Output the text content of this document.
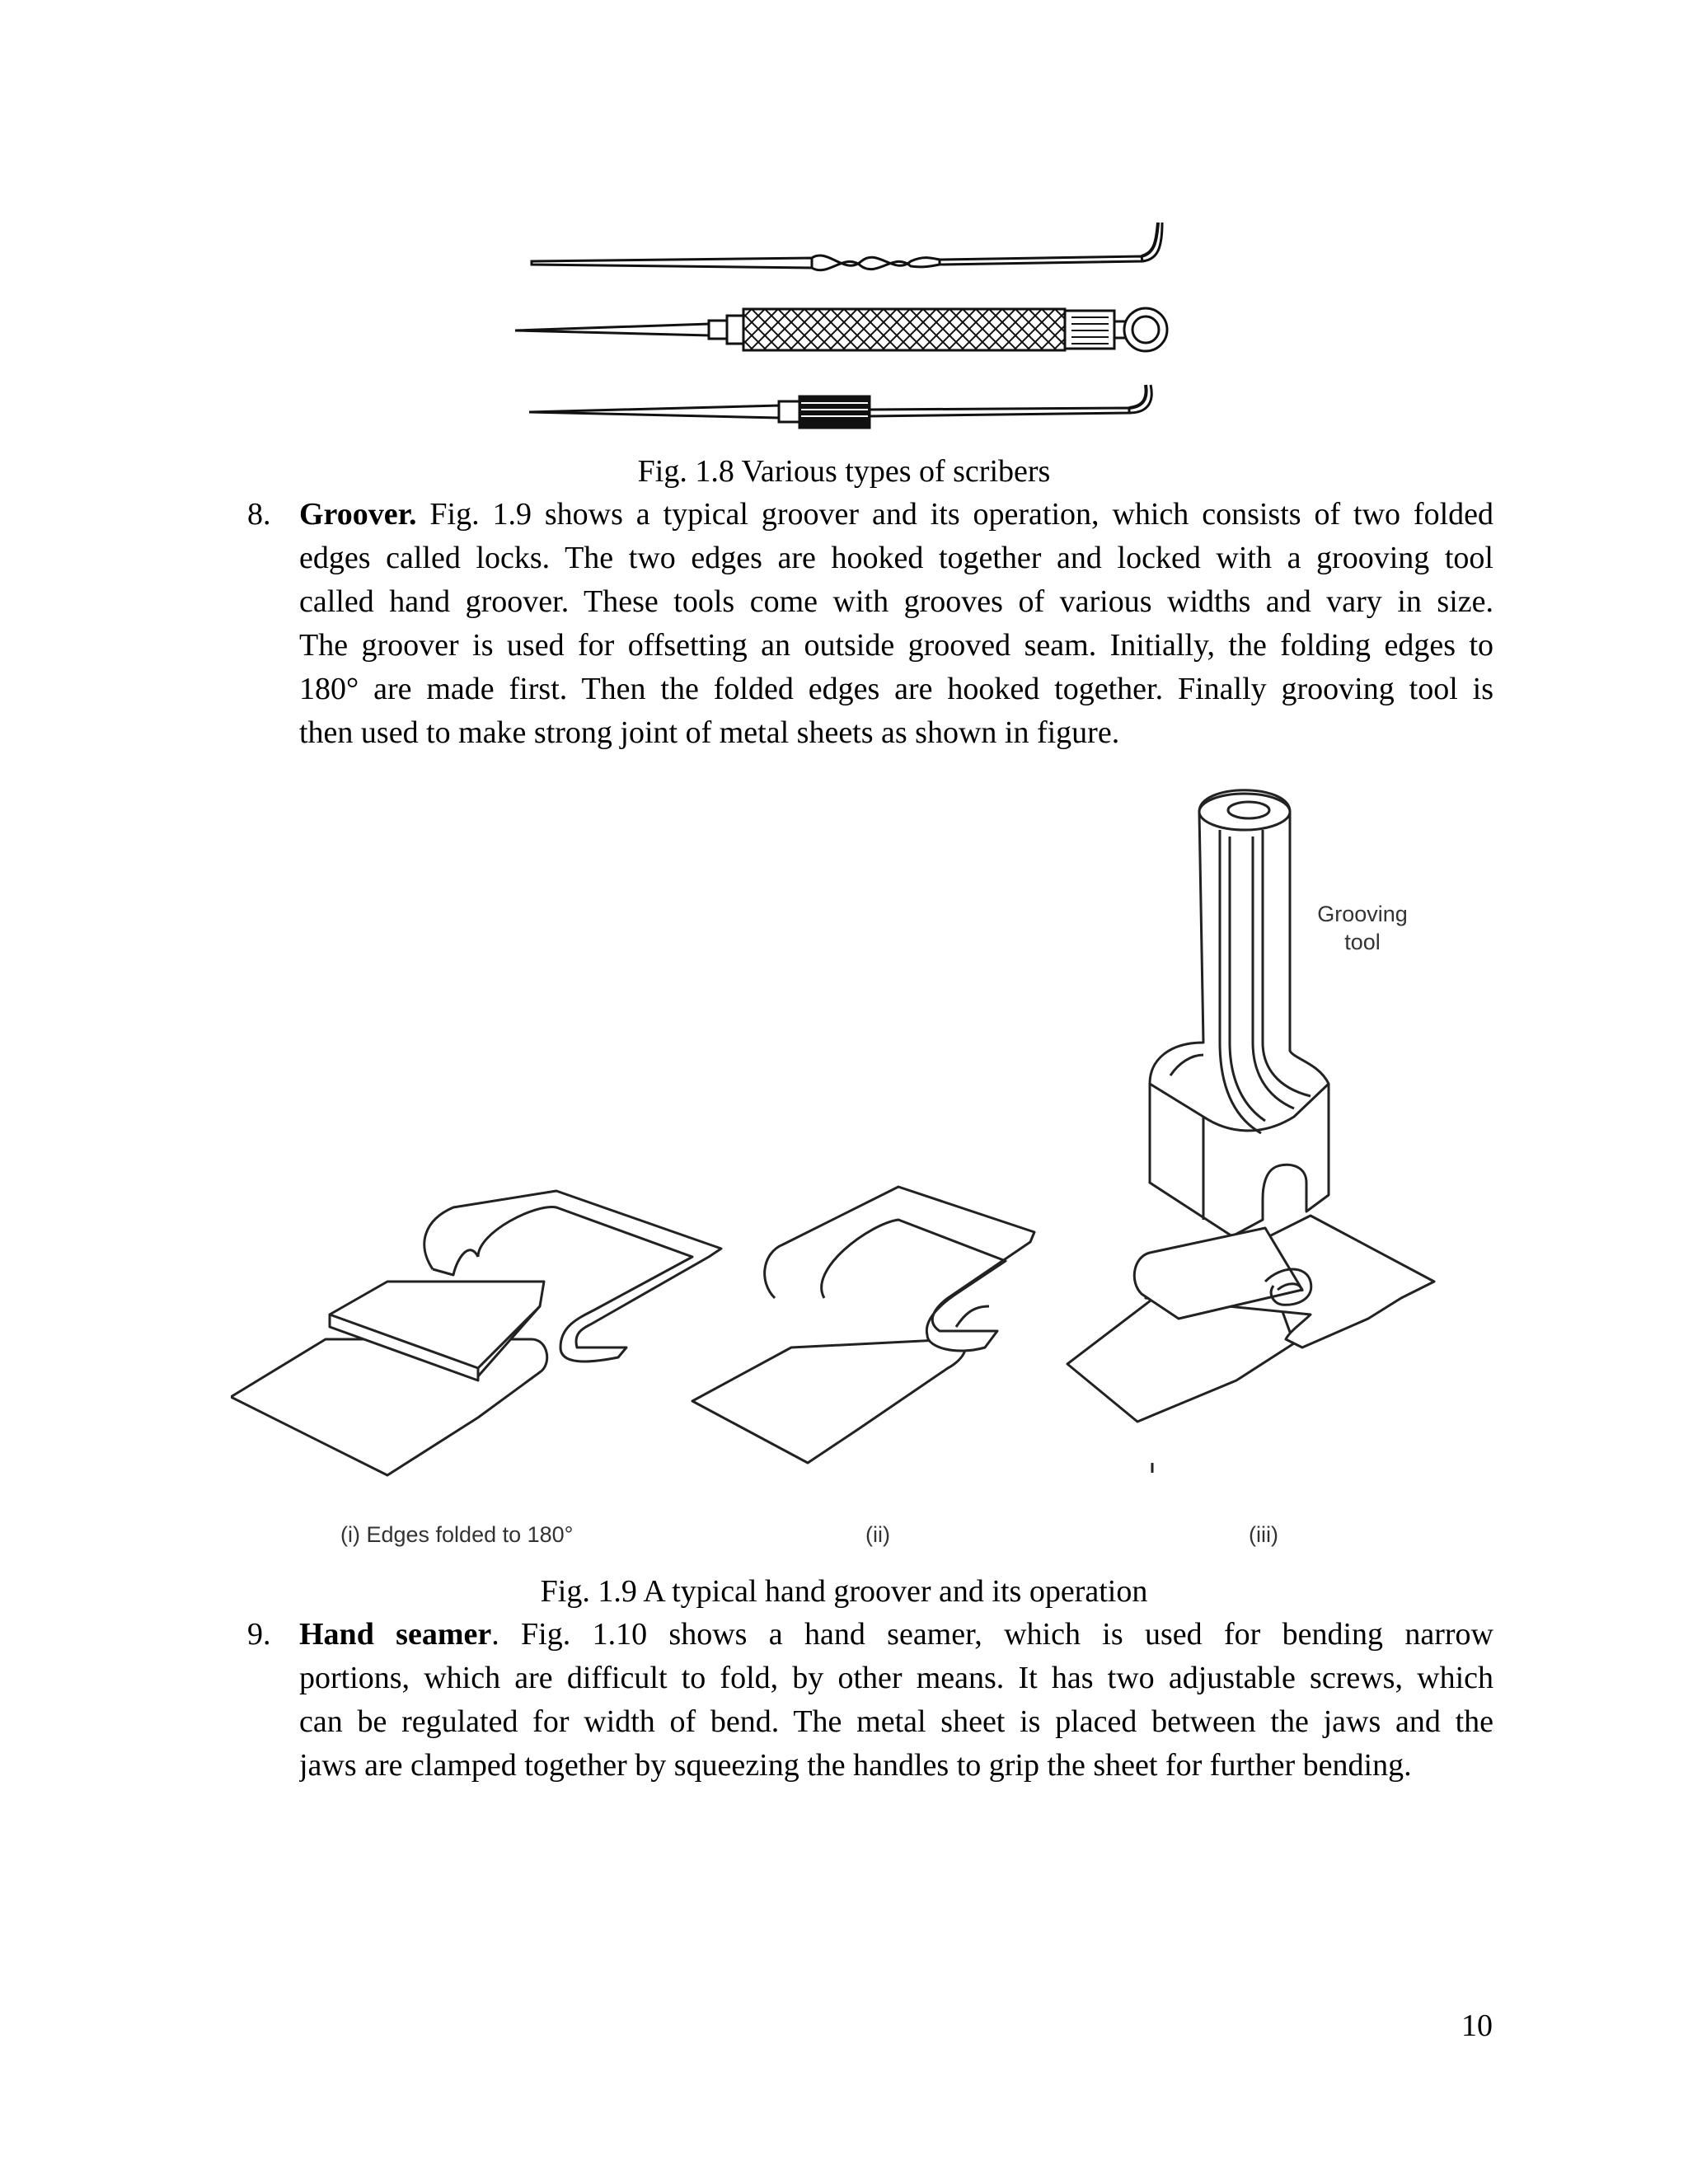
Fig. 1.8 Various types of scribers
8. Groover. Fig. 1.9 shows a typical groover and its operation, which consists of two folded
edges called locks. The two edges are hooked together and locked with a grooving tool
called hand groover. These tools come with grooves of various widths and vary in size.
The groover is used for offsetting an outside grooved seam. Initially, the folding edges to
180° are made first. Then the folded edges are hooked together. Finally grooving tool is
then used to make strong joint of metal sheets as shown in figure.
Grooving
tool
(i) Edges folded to 180°	(ii)	(iii)
Fig. 1.9 A typical hand groover and its operation
9. Hand seamer. Fig. 1.10 shows a hand seamer, which is used for bending narrow
portions, which are difficult to fold, by other means. It has two adjustable screws, which
can be regulated for width of bend. The metal sheet is placed between the jaws and the
jaws are clamped together by squeezing the handles to grip the sheet for further bending.
10
